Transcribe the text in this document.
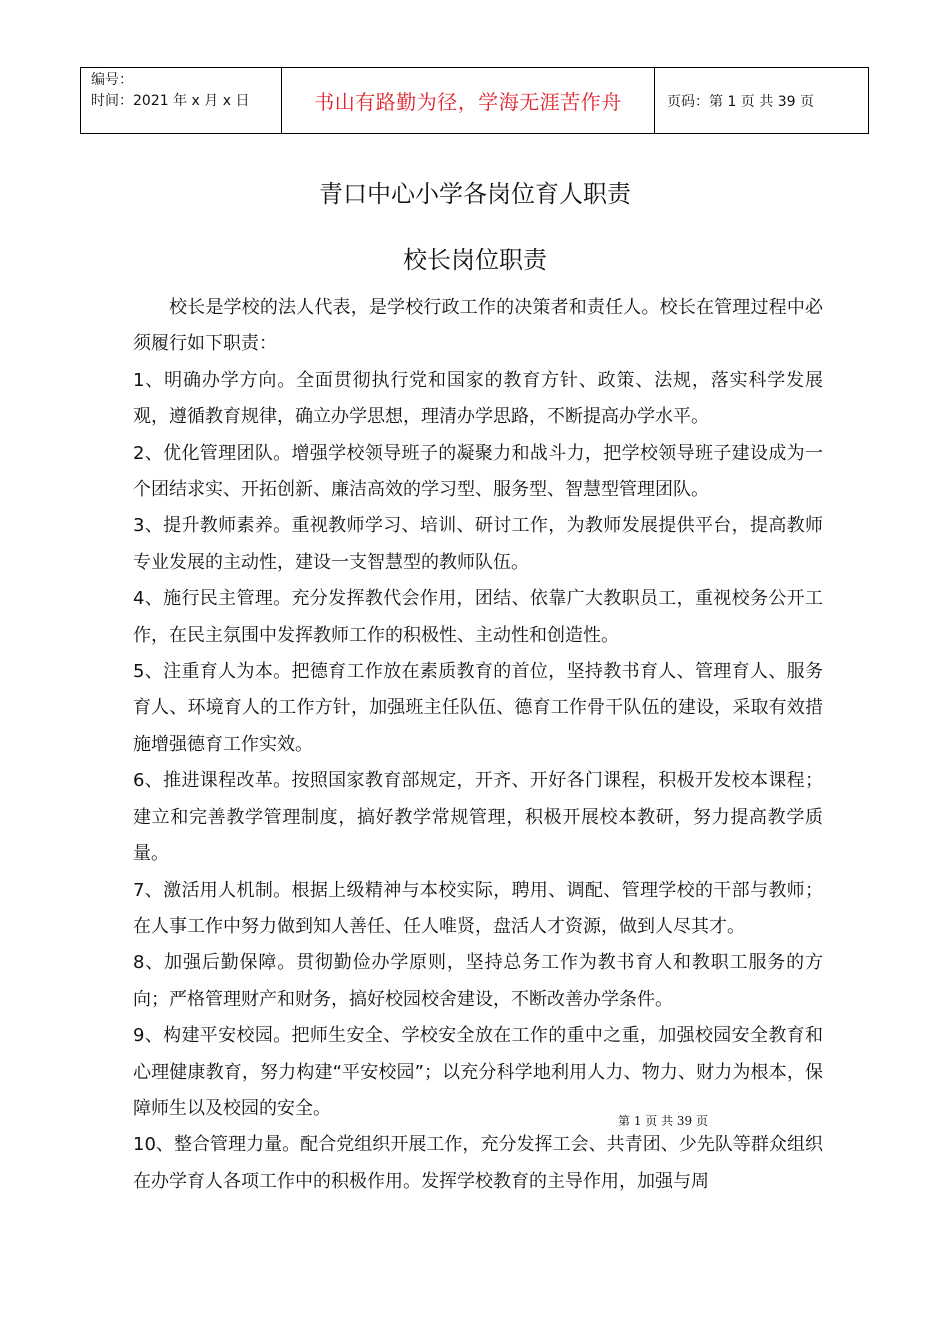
编号：
时间：2021 年 x 月 x 日	书山有路勤为径，学海无涯苦作舟	页码：第 1 页 共 39 页
青口中心小学各岗位育人职责
校长岗位职责

校长是学校的法人代表，是学校行政工作的决策者和责任人。校长在管理过程中必须履行如下职责：

1、明确办学方向。全面贯彻执行党和国家的教育方针、政策、法规，落实科学发展观，遵循教育规律，确立办学思想，理清办学思路，不断提高办学水平。

2、优化管理团队。增强学校领导班子的凝聚力和战斗力，把学校领导班子建设成为一个团结求实、开拓创新、廉洁高效的学习型、服务型、智慧型管理团队。

3、提升教师素养。重视教师学习、培训、研讨工作，为教师发展提供平台，提高教师专业发展的主动性，建设一支智慧型的教师队伍。

4、施行民主管理。充分发挥教代会作用，团结、依靠广大教职员工，重视校务公开工作，在民主氛围中发挥教师工作的积极性、主动性和创造性。

5、注重育人为本。把德育工作放在素质教育的首位，坚持教书育人、管理育人、服务育人、环境育人的工作方针，加强班主任队伍、德育工作骨干队伍的建设，采取有效措施增强德育工作实效。

6、推进课程改革。按照国家教育部规定，开齐、开好各门课程，积极开发校本课程；建立和完善教学管理制度，搞好教学常规管理，积极开展校本教研，努力提高教学质量。

7、激活用人机制。根据上级精神与本校实际，聘用、调配、管理学校的干部与教师；在人事工作中努力做到知人善任、任人唯贤，盘活人才资源，做到人尽其才。

8、加强后勤保障。贯彻勤俭办学原则，坚持总务工作为教书育人和教职工服务的方向；严格管理财产和财务，搞好校园校舍建设，不断改善办学条件。

9、构建平安校园。把师生安全、学校安全放在工作的重中之重，加强校园安全教育和心理健康教育，努力构建“平安校园”；以充分科学地利用人力、物力、财力为根本，保障师生以及校园的安全。

10、整合管理力量。配合党组织开展工作，充分发挥工会、共青团、少先队等群众组织在办学育人各项工作中的积极作用。发挥学校教育的主导作用，加强与周

第 1 页 共 39 页
